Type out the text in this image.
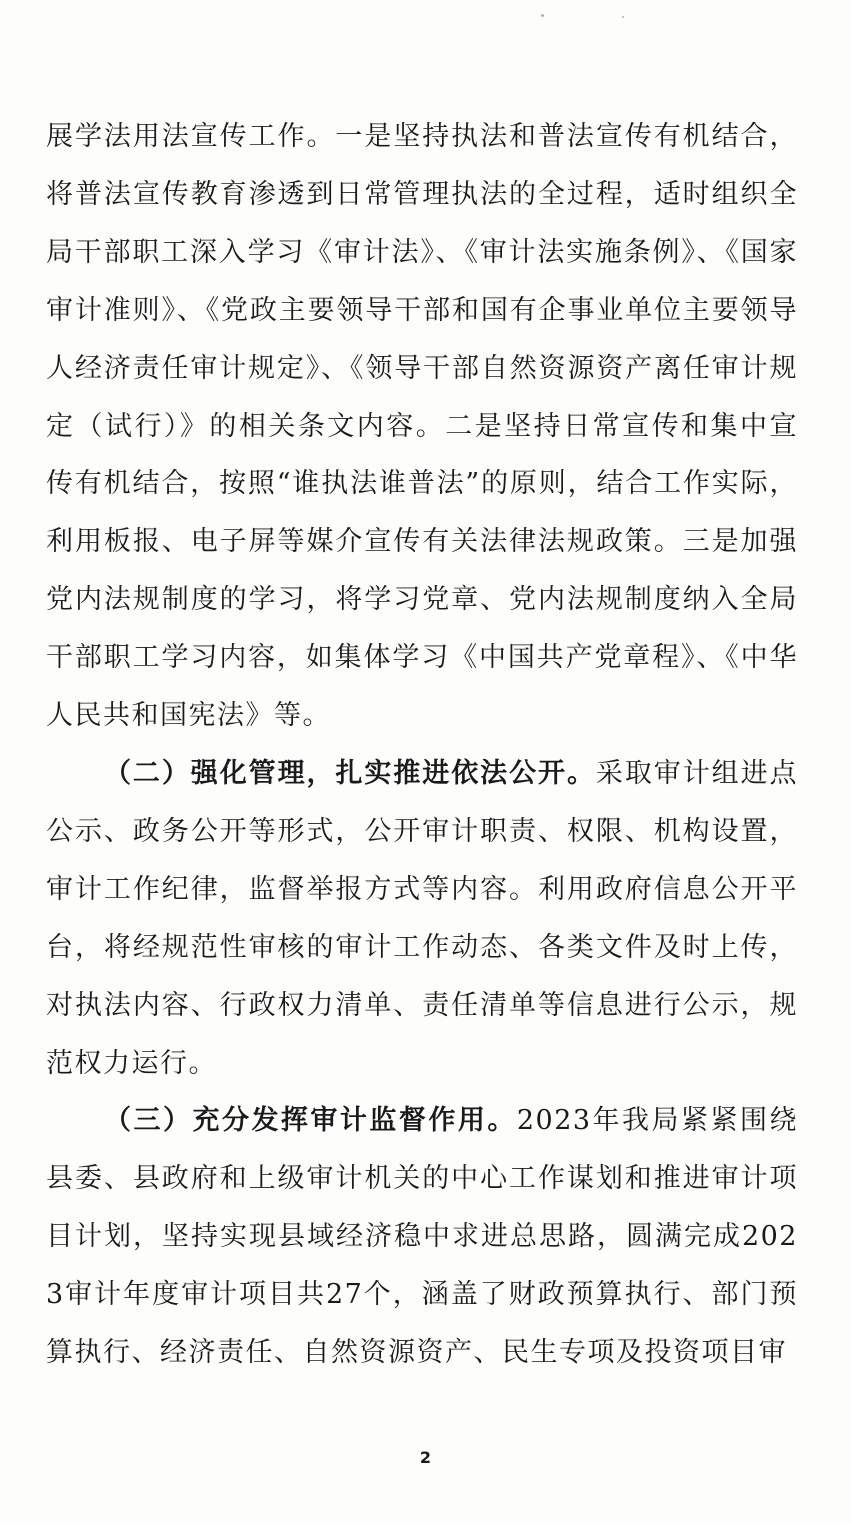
展学法用法宣传工作。一是坚持执法和普法宣传有机结合，将普法宣传教育渗透到日常管理执法的全过程，适时组织全局干部职工深入学习《审计法》、《审计法实施条例》、《国家审计准则》、《党政主要领导干部和国有企事业单位主要领导人经济责任审计规定》、《领导干部自然资源资产离任审计规定（试行）》的相关条文内容。二是坚持日常宣传和集中宣传有机结合，按照“谁执法谁普法”的原则，结合工作实际，利用板报、电子屏等媒介宣传有关法律法规政策。三是加强党内法规制度的学习，将学习党章、党内法规制度纳入全局干部职工学习内容，如集体学习《中国共产党章程》、《中华人民共和国宪法》等。

（二）强化管理，扎实推进依法公开。采取审计组进点公示、政务公开等形式，公开审计职责、权限、机构设置，审计工作纪律，监督举报方式等内容。利用政府信息公开平台，将经规范性审核的审计工作动态、各类文件及时上传，对执法内容、行政权力清单、责任清单等信息进行公示，规范权力运行。

（三）充分发挥审计监督作用。2023年我局紧紧围绕县委、县政府和上级审计机关的中心工作谋划和推进审计项目计划，坚持实现县域经济稳中求进总思路，圆满完成2023审计年度审计项目共27个，涵盖了财政预算执行、部门预算执行、经济责任、自然资源资产、民生专项及投资项目审

2
